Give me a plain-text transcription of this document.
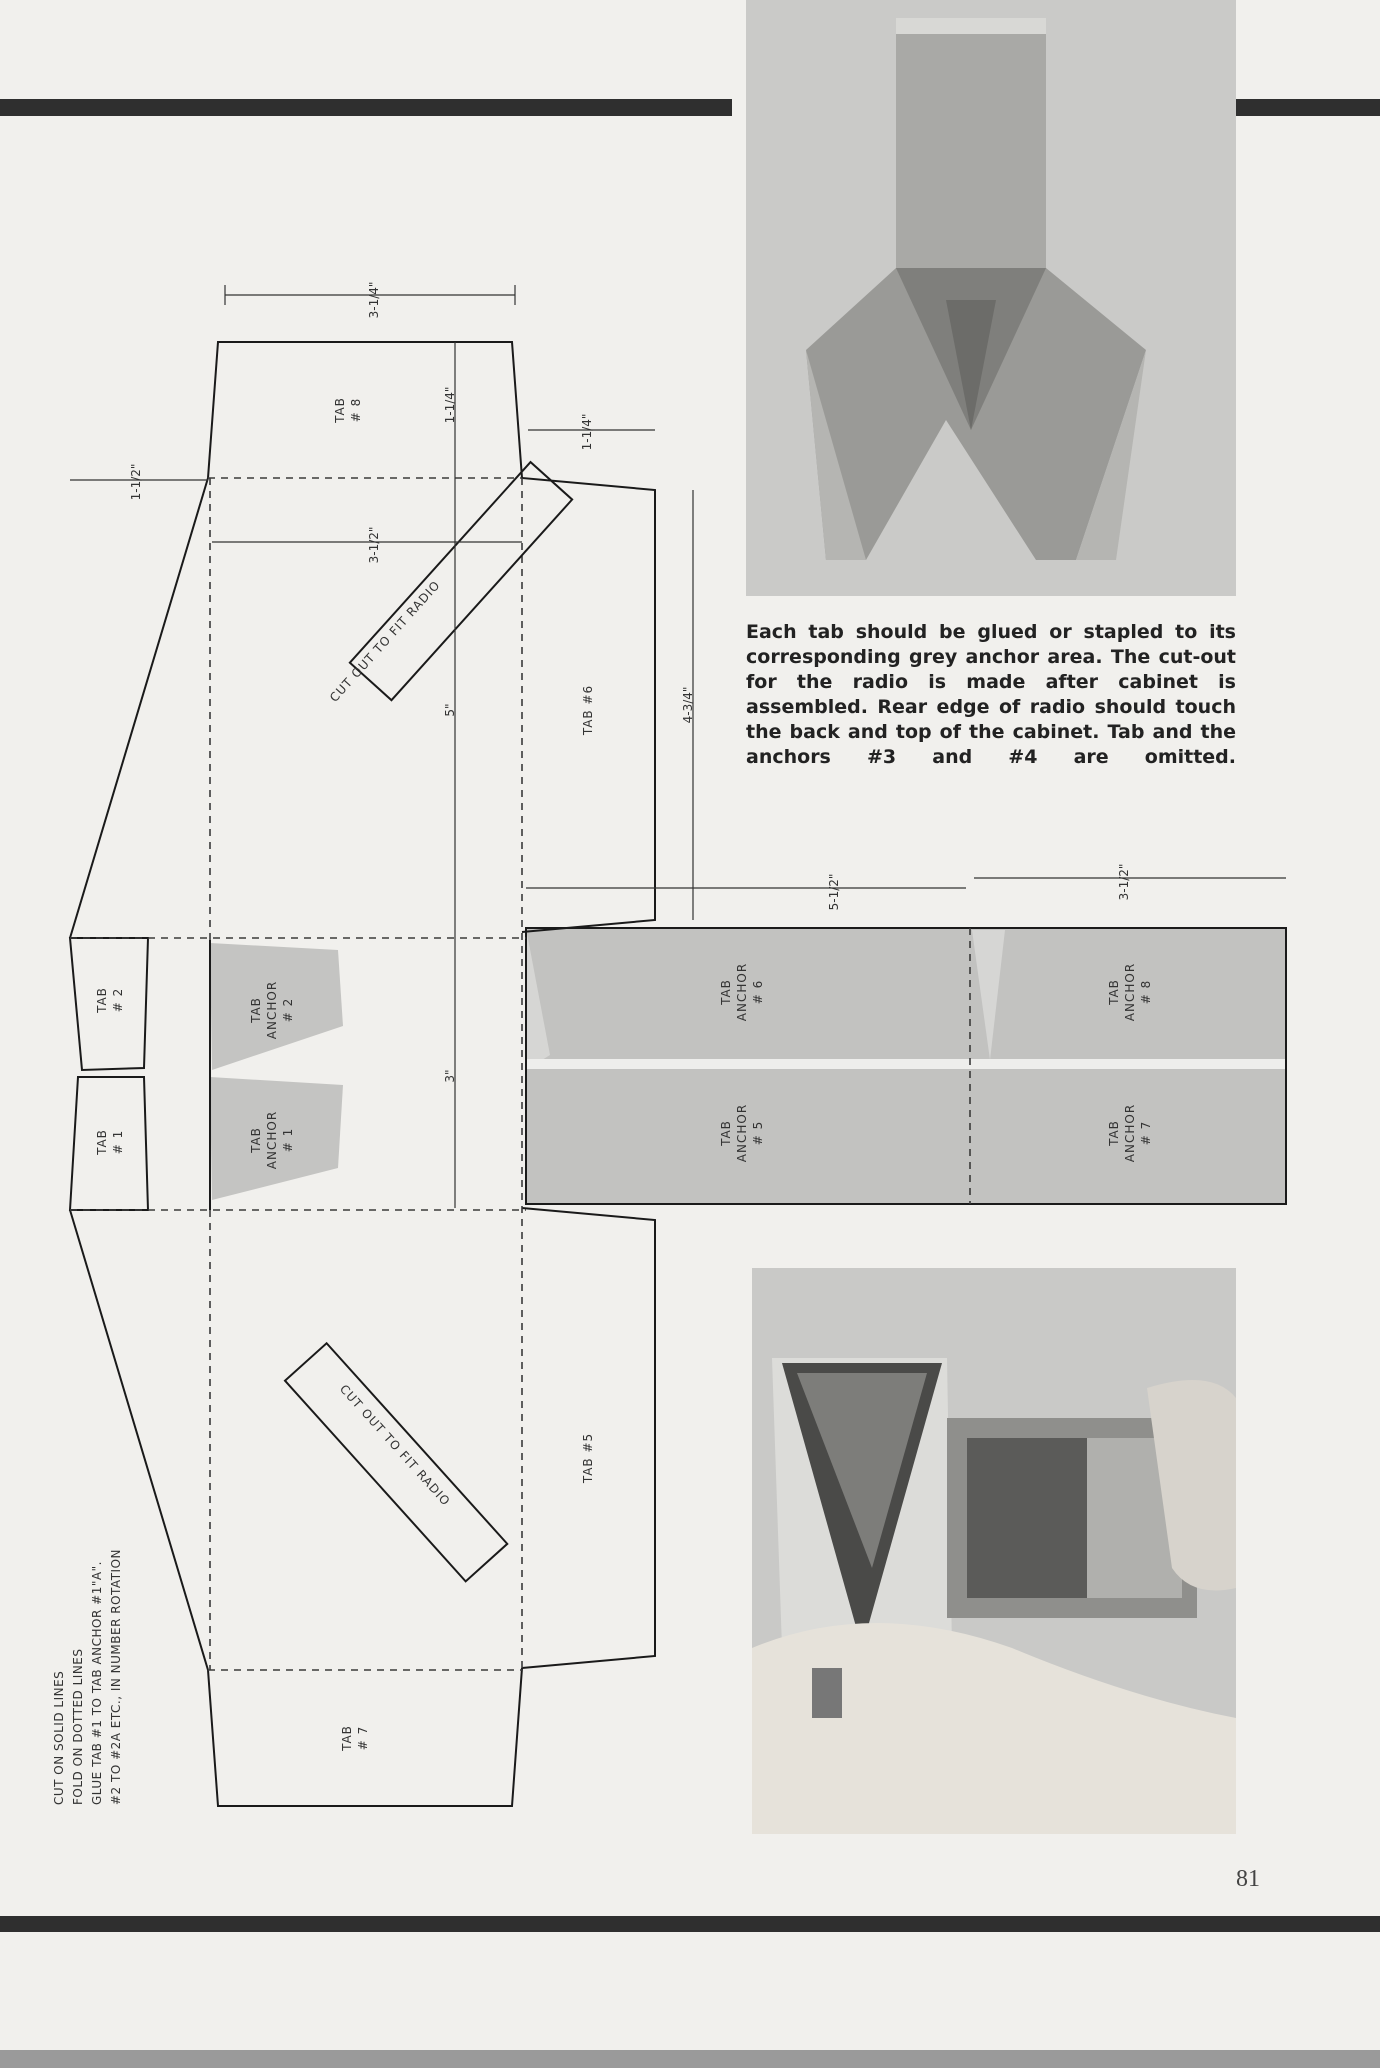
Each tab should be glued or stapled to its corresponding grey anchor area. The cut-out for the radio is made after cabinet is assembled. Rear edge of radio should touch the back and top of the cabinet. Tab and the anchors #3 and #4 are omitted.
TAB # 8
TAB #6
TAB #5
TAB # 7
TAB # 2
TAB # 1
TAB ANCHOR # 2
TAB ANCHOR # 1
TAB ANCHOR # 6
TAB ANCHOR # 5
TAB ANCHOR # 8
TAB ANCHOR # 7
CUT OUT TO FIT RADIO
CUT OUT TO FIT RADIO
3-1/4"
1-1/4"
1-1/4"
1-1/2"
3-1/2"
5"	4-3/4"
5-1/2"	3-1/2"
3"
CUT ON SOLID LINES FOLD ON DOTTED LINES GLUE TAB #1 TO TAB ANCHOR #1"A". #2 TO #2A ETC., IN NUMBER ROTATION
81
